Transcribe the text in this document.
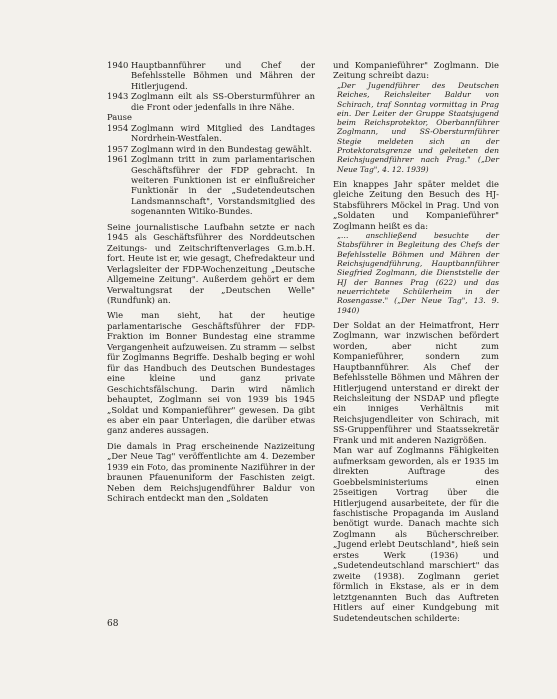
1940 Hauptbannführer und Chef der Befehlsstelle Böhmen und Mähren der Hitlerjugend.
1943 Zoglmann eilt als SS-Obersturmführer an die Front oder jedenfalls in ihre Nähe.
Pause
1954 Zoglmann wird Mitglied des Landtages Nordrhein-Westfalen.
1957 Zoglmann wird in den Bundestag gewählt.
1961 Zoglmann tritt in zum parlamentarischen Geschäftsführer der FDP gebracht. In weiteren Funktionen ist er einflußreicher Funktionär in der „Sudetendeutschen Landsmannschaft", Vorstandsmitglied des sogenannten Witiko-Bundes.

Seine journalistische Laufbahn setzte er nach 1945 als Geschäftsführer des Norddeutschen Zeitungs- und Zeitschriftenverlages G.m.b.H. fort. Heute ist er, wie gesagt, Chefredakteur und Verlagsleiter der FDP-Wochenzeitung „Deutsche Allgemeine Zeitung". Außerdem gehört er dem Verwaltungsrat der „Deutschen Welle" (Rundfunk) an.

Wie man sieht, hat der heutige parlamentarische Geschäftsführer der FDP-Fraktion im Bonner Bundestag eine stramme Vergangenheit aufzuweisen. Zu stramm — selbst für Zoglmanns Begriffe. Deshalb beging er wohl für das Handbuch des Deutschen Bundestages eine kleine und ganz private Geschichtsfälschung. Darin wird nämlich behauptet, Zoglmann sei von 1939 bis 1945 „Soldat und Kompanieführer" gewesen. Da gibt es aber ein paar Unterlagen, die darüber etwas ganz anderes aussagen.

Die damals in Prag erscheinende Nazizeitung „Der Neue Tag" veröffentlichte am 4. Dezember 1939 ein Foto, das prominente Naziführer in der braunen Pfauenuniform der Faschisten zeigt. Neben dem Reichsjugendführer Baldur von Schirach entdeckt man den „Soldaten

und Kompanieführer" Zoglmann. Die Zeitung schreibt dazu:

„Der Jugendführer des Deutschen Reiches, Reichsleiter Baldur von Schirach, traf Sonntag vormittag in Prag ein. Der Leiter der Gruppe Staatsjugend beim Reichsprotektor, Oberbannführer Zoglmann, und SS-Obersturmführer Stegie meldeten sich an der Protektoratsgrenze und geleiteten den Reichsjugendführer nach Prag." („Der Neue Tag", 4. 12. 1939)

Ein knappes Jahr später meldet die gleiche Zeitung den Besuch des HJ-Stabsführers Möckel in Prag. Und von „Soldaten und Kompanieführer" Zoglmann heißt es da:

„… anschließend besuchte der Stabsführer in Begleitung des Chefs der Befehlsstelle Böhmen und Mähren der Reichsjugendführung, Hauptbannführer Siegfried Zoglmann, die Dienststelle der HJ der Bannes Prag (622) und das neuerrichtete Schülerheim in der Rosengasse." („Der Neue Tag", 13. 9. 1940)

Der Soldat an der Heimatfront, Herr Zoglmann, war inzwischen befördert worden, aber nicht zum Kompanieführer, sondern zum Hauptbannführer. Als Chef der Befehlsstelle Böhmen und Mähren der Hitlerjugend unterstand er direkt der Reichsleitung der NSDAP und pflegte ein inniges Verhältnis mit Reichsjugendleiter von Schirach, mit SS-Gruppenführer und Staatssekretär Frank und mit anderen Nazigrößen.

Man war auf Zoglmanns Fähigkeiten aufmerksam geworden, als er 1935 im direkten Auftrage des Goebbelsministeriums einen 25seitigen Vortrag über die Hitlerjugend ausarbeitete, der für die faschistische Propaganda im Ausland benötigt wurde. Danach machte sich Zoglmann als Bücherschreiber. „Jugend erlebt Deutschland", hieß sein erstes Werk (1936) und „Sudetendeutschland marschiert" das zweite (1938). Zoglmann geriet förmlich in Ekstase, als er in dem letztgenannten Buch das Auftreten Hitlers auf einer Kundgebung mit Sudetendeutschen schilderte:

68
